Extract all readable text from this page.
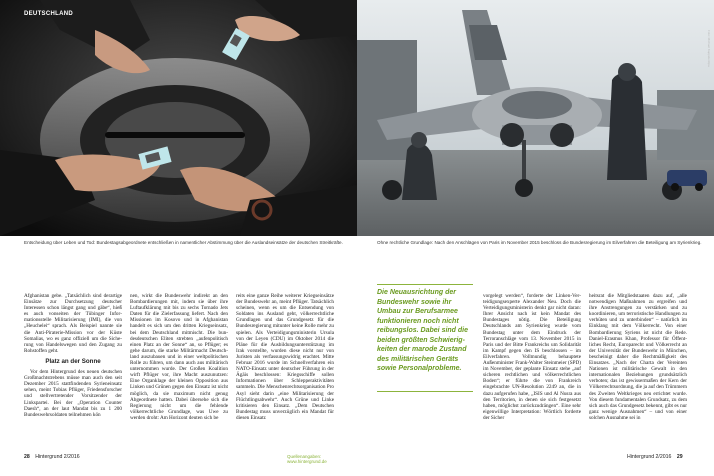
DEUTSCHLAND
Entscheidung über Leben und Tod: Bundestagsabgeordnete entschließen in namentlicher Abstimmung über die Auslandseinsätze der deutschen Streitkräfte.

Afghanistan gebe. „Tatsächlich sind derartige Einsätze zur Durchsetzung deutscher Interessen schon längst gang und gäbe“, hieß es auch vonseiten der Tübinger Informationsstelle Militarisierung (IMI), die von „Heuchelei“ sprach. Als Beispiel nannte sie die Anti-Piraterie-Mission vor der Küste Somalias, wo es ganz offiziell um die Sicherung von Handelswegen und den Zugang zu Rohstoffen geht.

Platz an der Sonne

Vor dem Hintergrund des neuen deutschen Großmachtstrebens müsse man auch den seit Dezember 2015 stattfindenden Syrieneinsatz sehen, meint Tobias Pflüger, Friedensforscher und stellvertretender Vorsitzender der Linkspartei. Bei der „Operation Counter Daesh“, an der laut Mandat bis zu 1 200 Bundeswehrsoldaten teilnehmen kön

nen, wirkt die Bundeswehr indirekt an den Bombardierungen mit, indem sie über ihre Luftaufklärung mit bis zu sechs Tornado Jets Daten für die Zielerfassung liefert. Nach den Missionen im Kosovo und in Afghanistan handelt es sich um den dritten Kriegseinsatz, bei dem Deutschland mitmischt. Die bundesdeutschen Eliten strebten „aufenpolitisch einen Platz an der Sonne“ an, so Pflüger; es gehe darum, die starke Militärmacht Deutschland auszubauen und in einer weltpolitischen Rolle zu führen, um dann auch aus militärisch unternommen wurde. Der Großen Koalition wirft Pflüger vor, ihre Macht auszunutzen: Eine Organklage der kleinen Opposition aus Linken und Grünen gegen den Einsatz ist nicht möglich, da sie maximum nicht genug Abgeordnete hatten. Dabei übersehe sich die Regierung nicht um die fehlende völkerrechtliche Grundlage, was Uwe zu werden droht: Am Horizont deuten sich be

reits eine ganze Reihe weiterer Kriegseinsätze der Bundeswehr an, meint Pflüger. Tatsächlich scheinen, wenn es um die Entsendung von Soldaten ins Ausland geht, völkerrechtliche Grundlagen und das Grundgesetz für die Bundesregierung mitunter keine Rolle mehr zu spielen. Als Verteidigungsministerin Ursula von der Leyen (CDU) im Oktober 2014 die Pläne für die Ausbildungsunterstützung im Irak vorstellte, wurden diese nicht nur von Juristen als verfassungswidrig erachtet. Mitte Februar 2016 wurde im Schnellverfahren ein NATO-Einsatz unter deutscher Führung in der Ägäis beschlossen: Kriegsschiffe sollen Informationen über Schlepperaktivitäten sammeln. Die Menschenrechtsorganisation Pro Asyl sieht darin „eine Militarisierung der Flüchtlingsabwehr“. Auch Grüne und Linke kritisieren den Einsatz. „Dem Deutschen Bundestag muss unverzüglich ein Mandat für diesen Einsatz

28 Hintergrund 2/2016	Quellenangaben: www.hintergrund.de
Foto: Michael Kappeler/dpa
Ohne rechtliche Grundlage: Nach den Anschlägen von Paris im November 2015 beschloss die Bundesregierung im Eilverfahren die Beteiligung am Syrienkrieg.
Die Neuausrichtung der Bundeswehr sowie ihr Umbau zur Berufsarmee funktionieren noch nicht reibungslos. Dabei sind die beiden größten Schwierigkeiten der marode Zustand des militärischen Geräts sowie Personalprobleme.

vorgelegt werden“, forderte der Linken-Verteidigungsexperte Alexander Neu. Doch die Verteidigungsministerin denkt gar nicht daran: Ihrer Ansicht nach ist kein Mandat des Bundestages nötig. Die Beteiligung Deutschlands am Syrienkrieg wurde vom Bundestag unter dem Eindruck der Terroranschläge vom 13. November 2015 in Paris und der Bitte Frankreichs um Solidarität im Kampf gegen den IS beschlossen – im Eilverfahren. Vollmundig behauptete Außenminister Frank-Walter Steinmeier (SPD) im November, der geplante Einsatz stehe „auf sicheren rechtlichen und völkerrechtlichen Boden“; er führte die von Frankreich eingebrachte UN-Resolution 2249 an, die in dazu aufgerufen habe, „ISIS und Al Nusra aus den Territorien, in denen sie sich festgesetzt haben, möglichst zurückzudrängen“. Eine sehr eigenwillige Interpretation: Wörtlich forderte der Sicher

heitsrat die Mitgliedstaaten dazu auf, „alle notwendigen Maßnahmen zu ergreifen und ihre Anstrengungen zu verstärken und zu koordinieren, um terroristische Handlungen zu verhüten und zu unterbinden“ – natürlich im Einklang mit dem Völkerrecht. Von einer Bombardierung Syriens ist nicht die Rede. Daniel-Erasmus Khan, Professor für Öffentliches Recht, Europarecht und Völkerrecht an der Universität der Bundeswehr in München, bescheinigt daher die Rechtmäßigkeit des Einsatzes. „Nach der Charta der Vereinten Nationen ist militärische Gewalt in den internationalen Beziehungen grundsätzlich verboten; das ist gewissermaßen der Kern der Völkerrechtsordnung, die ja auf den Trümmern des Zweiten Weltkrieges neu errichtet wurde. Von diesem fundamentalen Grundsatz, zu dem sich auch das Grundgesetz bekennt, gibt es nur ganz wenige Ausnahmen“ – und von einer solchen Ausnahme sei in

Hintergrund 2/2016 29
